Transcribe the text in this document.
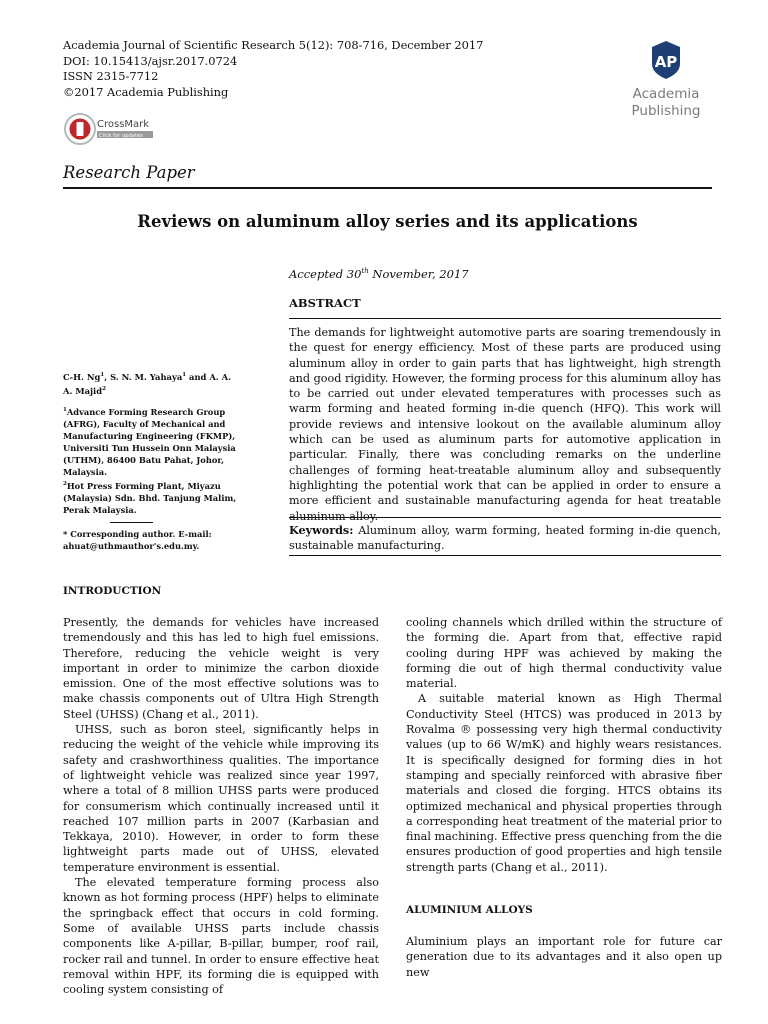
Academia Journal of Scientific Research 5(12): 708-716, December 2017
DOI: 10.15413/ajsr.2017.0724
ISSN 2315-7712
©2017 Academia Publishing
AP
Academia
Publishing
CrossMark
Click for updates
Research Paper
Reviews on aluminum alloy series and its applications
Accepted 30th November, 2017
ABSTRACT
The demands for lightweight automotive parts are soaring tremendously in the quest for energy efficiency. Most of these parts are produced using aluminum alloy in order to gain parts that has lightweight, high strength and good rigidity. However, the forming process for this aluminum alloy has to be carried out under elevated temperatures with processes such as warm forming and heated forming in-die quench (HFQ). This work will provide reviews and intensive lookout on the available aluminum alloy which can be used as aluminum parts for automotive application in particular. Finally, there was concluding remarks on the underline challenges of forming heat-treatable aluminum alloy and subsequently highlighting the potential work that can be applied in order to ensure a more efficient and sustainable manufacturing agenda for heat treatable
C-H. Ng$^1$, S. N. M. Yahaya$^1$ and A. A. A. Majid$^2$

$^1$Advance Forming Research Group (AFRG), Faculty of Mechanical and Manufacturing Engineering (FKMP), Universiti Tun Hussein Onn Malaysia (UTHM), 86400 Batu Pahat, Johor, Malaysia.

$^2$Hot Press Forming Plant, Miyazu (Malaysia) Sdn. Bhd. Tanjung Malim, Perak Malaysia.

* Corresponding author. E-mail: ahuat@uthmauthor's.edu.my.
Keywords: Aluminum alloy, warm forming, heated forming in-die quench, sustainable manufacturing.
INTRODUCTION

Presently, the demands for vehicles have increased tremendously and this has led to high fuel emissions. Therefore, reducing the vehicle weight is very important in order to minimize the carbon dioxide emission. One of the most effective solutions was to make chassis components out of Ultra High Strength Steel (UHSS) (Chang et al., 2011).

UHSS, such as boron steel, significantly helps in reducing the weight of the vehicle while improving its safety and crashworthiness qualities. The importance of lightweight vehicle was realized since year 1997, where a total of 8 million UHSS parts were produced for consumerism which continually increased until it reached 107 million parts in 2007 (Karbasian and Tekkaya, 2010). However, in order to form these lightweight parts made out of UHSS, elevated temperature environment is essential.

The elevated temperature forming process also known as hot forming process (HPF) helps to eliminate the springback effect that occurs in cold forming. Some of available UHSS parts include chassis components like A-pillar, B-pillar, bumper, roof rail, rocker rail and tunnel. In order to ensure effective heat removal within HPF, its forming die is equipped with cooling system consisting of

cooling channels which drilled within the structure of the forming die. Apart from that, effective rapid cooling during HPF was achieved by making the forming die out of high thermal conductivity value material.

A suitable material known as High Thermal Conductivity Steel (HTCS) was produced in 2013 by Rovalma ® possessing very high thermal conductivity values (up to 66 W/mK) and highly wears resistances. It is specifically designed for forming dies in hot stamping and specially reinforced with abrasive fiber materials and closed die forging. HTCS obtains its optimized mechanical and physical properties through a corresponding heat treatment of the material prior to final machining. Effective press quenching from the die ensures production of good properties and high tensile strength parts (Chang et al., 2011).

ALUMINIUM ALLOYS

Aluminium plays an important role for future car generation due to its advantages and it also open up new
